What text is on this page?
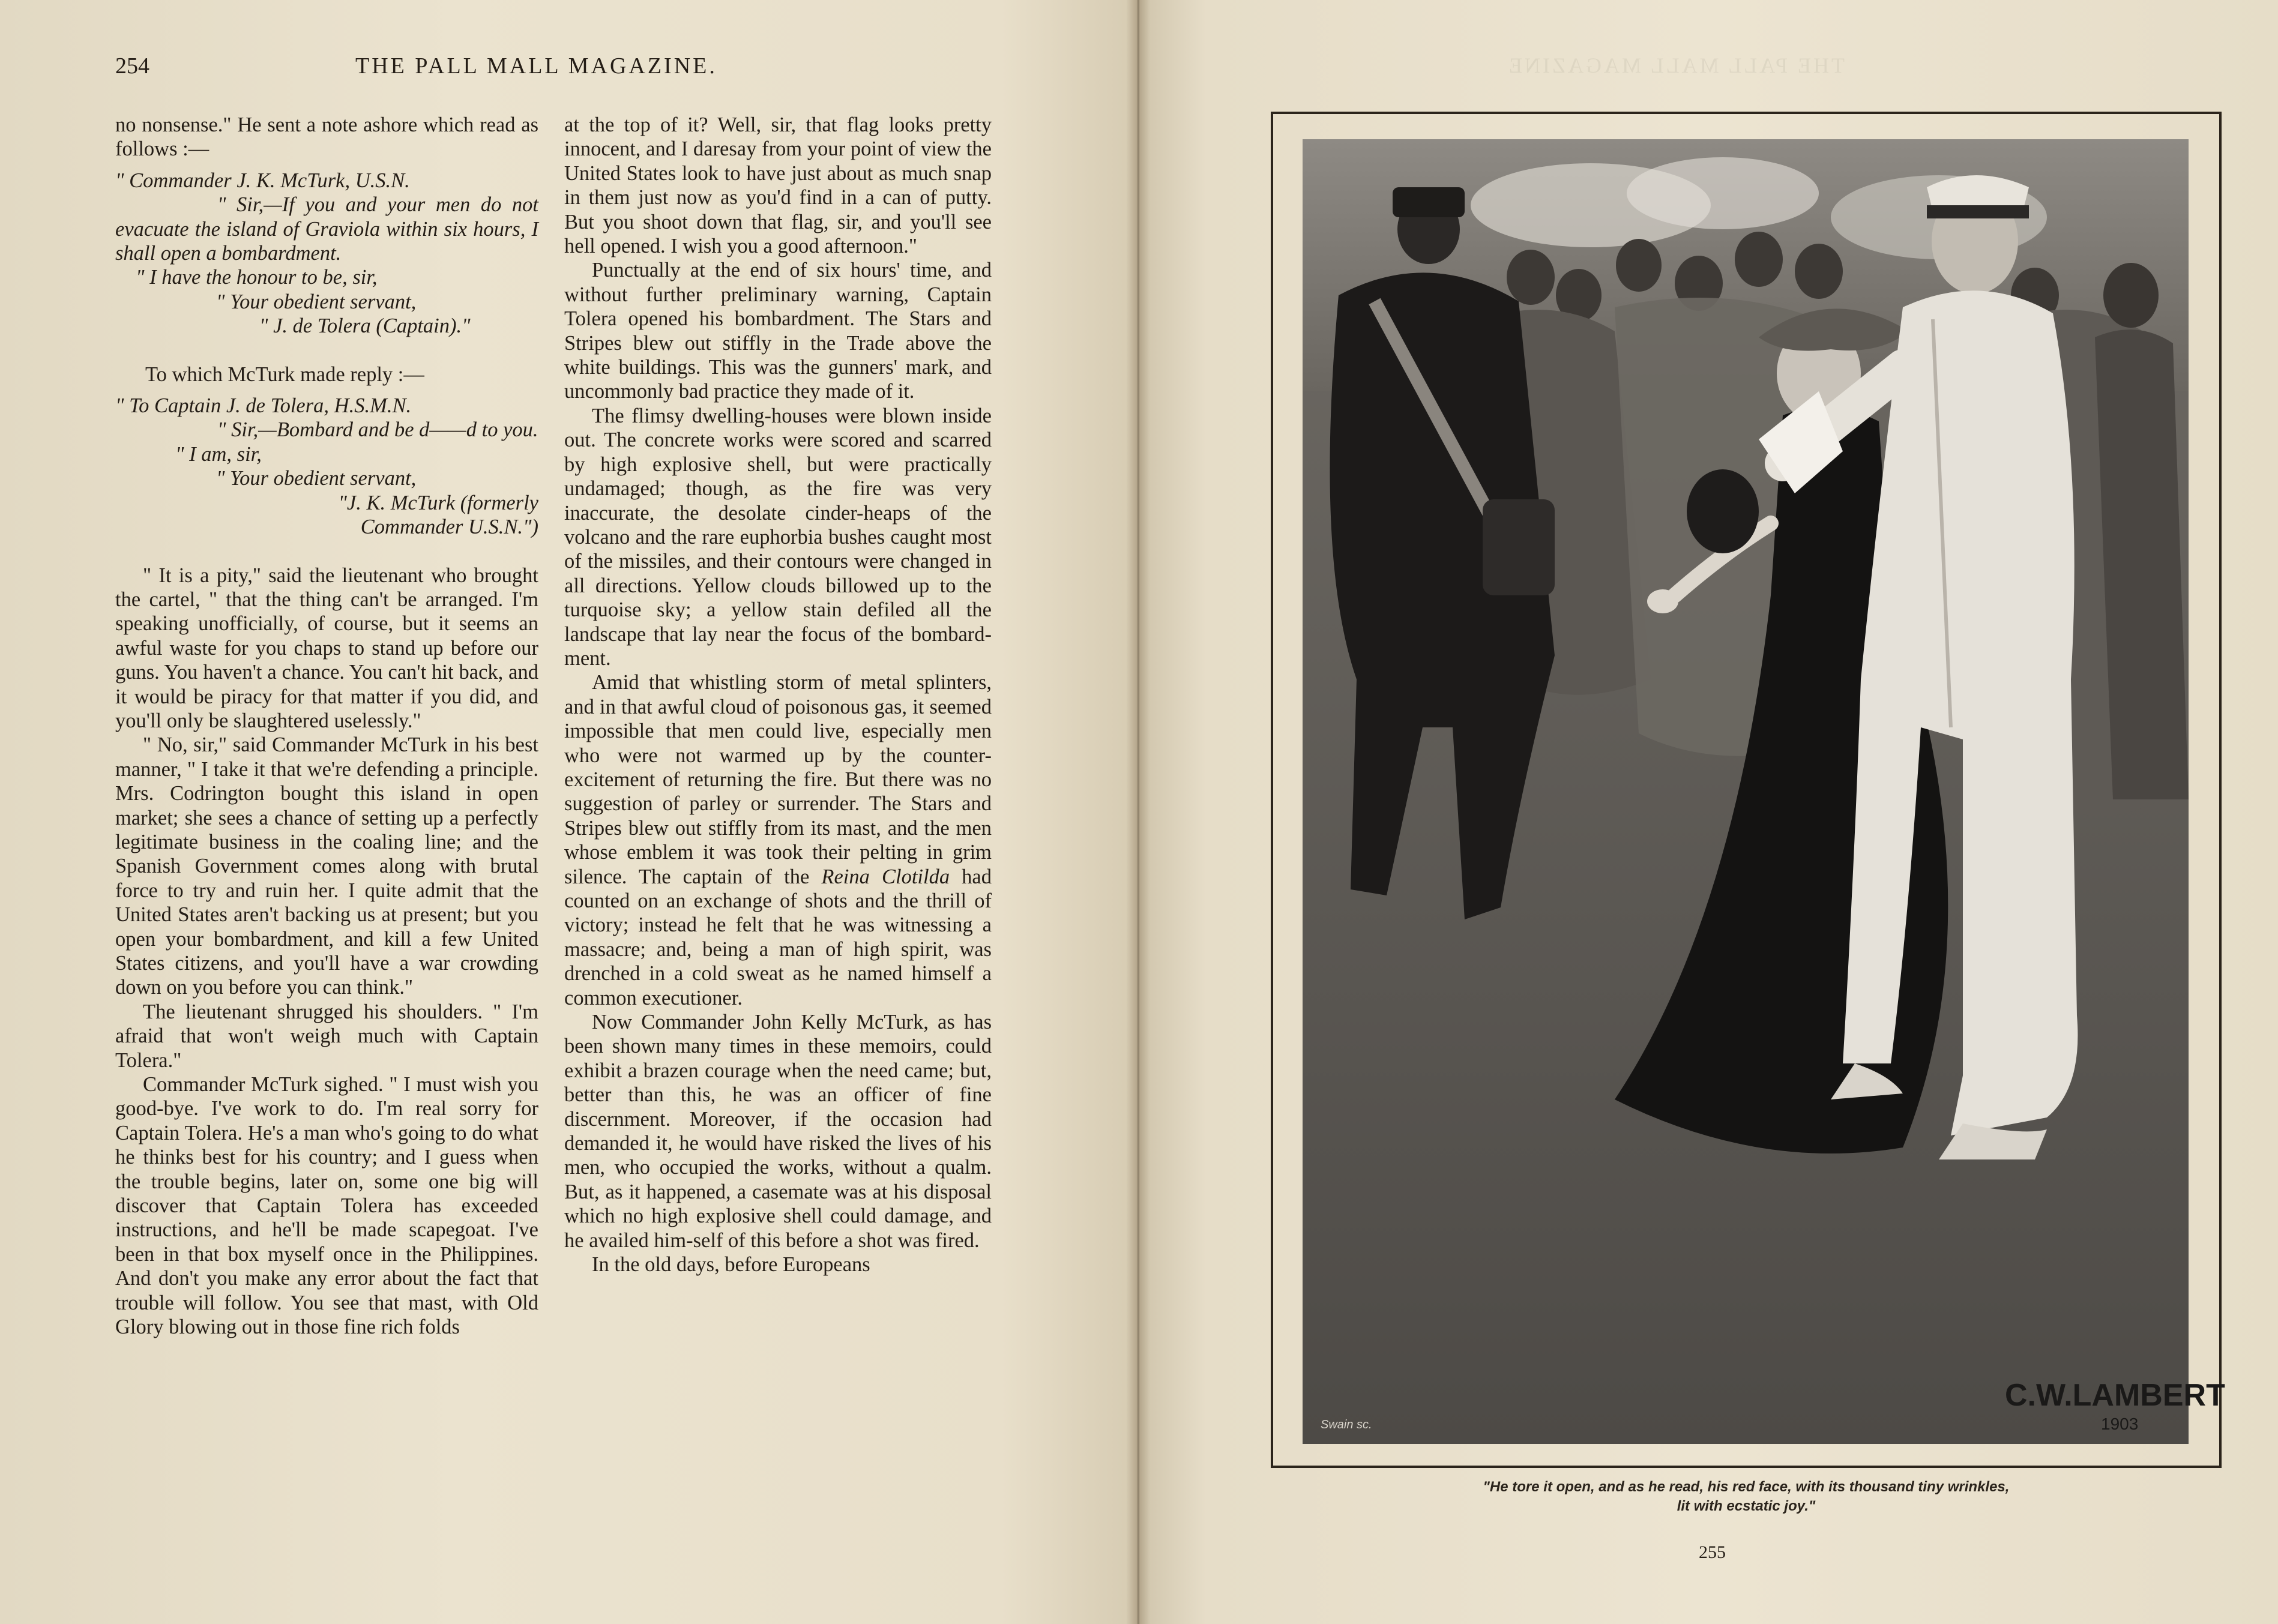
254	THE PALL MALL MAGAZINE.

no nonsense." He sent a note ashore which read as follows :—

" Commander J. K. McTurk, U.S.N.

" Sir,—If you and your men do not evacuate the island of Graviola within six hours, I shall open a bombardment.

" I have the honour to be, sir,

" Your obedient servant,

" J. de Tolera (Captain)."

To which McTurk made reply :—

" To Captain J. de Tolera, H.S.M.N.

" Sir,—Bombard and be d——d to you.

" I am, sir,

" Your obedient servant,

"J. K. McTurk (formerly Commander U.S.N.")

" It is a pity," said the lieutenant who brought the cartel, " that the thing can't be arranged. I'm speaking unofficially, of course, but it seems an awful waste for you chaps to stand up before our guns. You haven't a chance. You can't hit back, and it would be piracy for that matter if you did, and you'll only be slaughtered uselessly."

" No, sir," said Commander McTurk in his best manner, " I take it that we're defending a principle. Mrs. Codrington bought this island in open market; she sees a chance of setting up a perfectly legitimate business in the coaling line; and the Spanish Government comes along with brutal force to try and ruin her. I quite admit that the United States aren't backing us at present; but you open your bombardment, and kill a few United States citizens, and you'll have a war crowding down on you before you can think."

The lieutenant shrugged his shoulders. " I'm afraid that won't weigh much with Captain Tolera."

Commander McTurk sighed. " I must wish you good-bye. I've work to do. I'm real sorry for Captain Tolera. He's a man who's going to do what he thinks best for his country; and I guess when the trouble begins, later on, some one big will discover that Captain Tolera has exceeded instructions, and he'll be made scapegoat. I've been in that box myself once in the Philippines. And don't you make any error about the fact that trouble will follow. You see that mast, with Old Glory blowing out in those fine rich folds

at the top of it? Well, sir, that flag looks pretty innocent, and I daresay from your point of view the United States look to have just about as much snap in them just now as you'd find in a can of putty. But you shoot down that flag, sir, and you'll see hell opened. I wish you a good afternoon."

Punctually at the end of six hours' time, and without further preliminary warning, Captain Tolera opened his bombardment. The Stars and Stripes blew out stiffly in the Trade above the white buildings. This was the gunners' mark, and uncommonly bad practice they made of it.

The flimsy dwelling-houses were blown inside out. The concrete works were scored and scarred by high explosive shell, but were practically undamaged; though, as the fire was very inaccurate, the desolate cinder-heaps of the volcano and the rare euphorbia bushes caught most of the missiles, and their contours were changed in all directions. Yellow clouds billowed up to the turquoise sky; a yellow stain defiled all the landscape that lay near the focus of the bombard-ment.

Amid that whistling storm of metal splinters, and in that awful cloud of poisonous gas, it seemed impossible that men could live, especially men who were not warmed up by the counter-excitement of returning the fire. But there was no suggestion of parley or surrender. The Stars and Stripes blew out stiffly from its mast, and the men whose emblem it was took their pelting in grim silence. The captain of the Reina Clotilda had counted on an exchange of shots and the thrill of victory; instead he felt that he was witnessing a massacre; and, being a man of high spirit, was drenched in a cold sweat as he named himself a common executioner.

Now Commander John Kelly McTurk, as has been shown many times in these memoirs, could exhibit a brazen courage when the need came; but, better than this, he was an officer of fine discernment. Moreover, if the occasion had demanded it, he would have risked the lives of his men, who occupied the works, without a qualm. But, as it happened, a casemate was at his disposal which no high explosive shell could damage, and he availed him-self of this before a shot was fired.

In the old days, before Europeans

THE PALL MALL MAGAZINE
C.W.LAMBERT
1903
Swain sc.
"He tore it open, and as he read, his red face, with its thousand tiny wrinkles,
lit with ecstatic joy."
255
